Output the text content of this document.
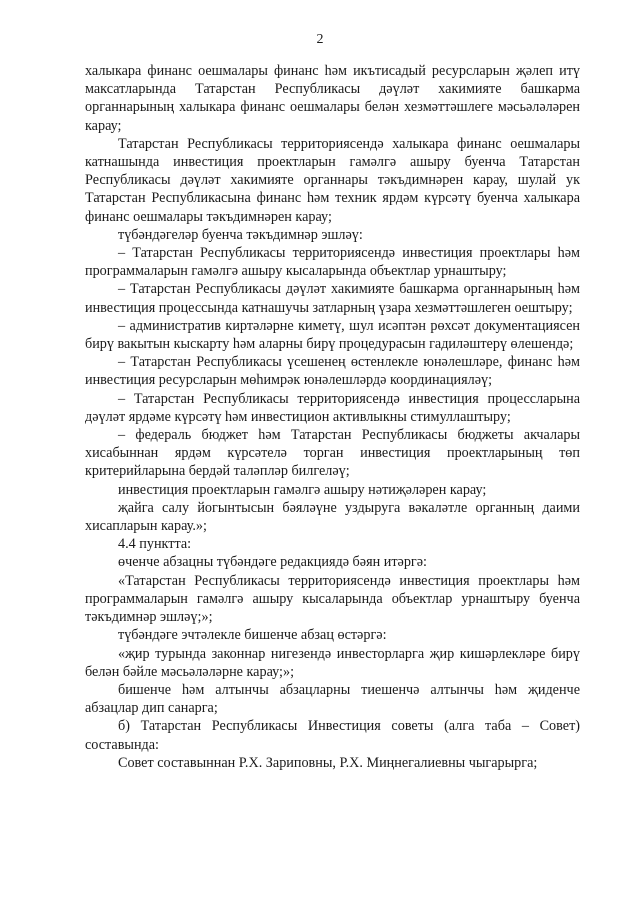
2

халыкара финанс оешмалары финанс һәм икътисадый ресурсларын җәлеп итү максатларында Татарстан Республикасы дәүләт хакимияте башкарма органнарының халыкара финанс оешмалары белән хезмәттәшлеге мәсьәләләрен карау;

Татарстан Республикасы территориясендә халыкара финанс оешмалары катнашында инвестиция проектларын гамәлгә ашыру буенча Татарстан Республикасы дәүләт хакимияте органнары тәкъдимнәрен карау, шулай ук Татарстан Республикасына финанс һәм техник ярдәм күрсәтү буенча халыкара финанс оешмалары тәкъдимнәрен карау;

түбәндәгеләр буенча тәкъдимнәр эшләү:

– Татарстан Республикасы территориясендә инвестиция проектлары һәм программаларын гамәлгә ашыру кысаларында объектлар урнаштыру;

– Татарстан Республикасы дәүләт хакимияте башкарма органнарының һәм инвестиция процессында катнашучы затларның үзара хезмәттәшлеген оештыру;

– административ киртәләрне киметү, шул исәптән рөхсәт документациясен бирү вакытын кыскарту һәм аларны бирү процедурасын гадиләштерү өлешендә;

– Татарстан Республикасы үсешенең өстенлекле юнәлешләре, финанс һәм инвестиция ресурсларын мөһимрәк юнәлешләрдә координацияләү;

– Татарстан Республикасы территориясендә инвестиция процессларына дәүләт ярдәме күрсәтү һәм инвестицион активлыкны стимуллаштыру;

– федераль бюджет һәм Татарстан Республикасы бюджеты акчалары хисабыннан ярдәм күрсәтелә торган инвестиция проектларының төп критерийларына бердәй таләпләр билгеләү;

инвестиция проектларын гамәлгә ашыру нәтиҗәләрен карау;

җайга салу йогынтысын бәяләүне уздыруга вәкаләтле органның даими хисапларын карау.»;

4.4 пунктта:

өченче абзацны түбәндәге редакциядә бәян итәргә:

«Татарстан Республикасы территориясендә инвестиция проектлары һәм программаларын гамәлгә ашыру кысаларында объектлар урнаштыру буенча тәкъдимнәр эшләү;»;

түбәндәге эчтәлекле бишенче абзац өстәргә:

«җир турында законнар нигезендә инвесторларга җир кишәрлекләре бирү белән бәйле мәсьәләләрне карау;»;

бишенче һәм алтынчы абзацларны тиешенчә алтынчы һәм җиденче абзацлар дип санарга;

б) Татарстан Республикасы Инвестиция советы (алга таба – Совет) составында:

Совет составыннан Р.Х. Зариповны, Р.Х. Миңнегалиевны чыгарырга;
